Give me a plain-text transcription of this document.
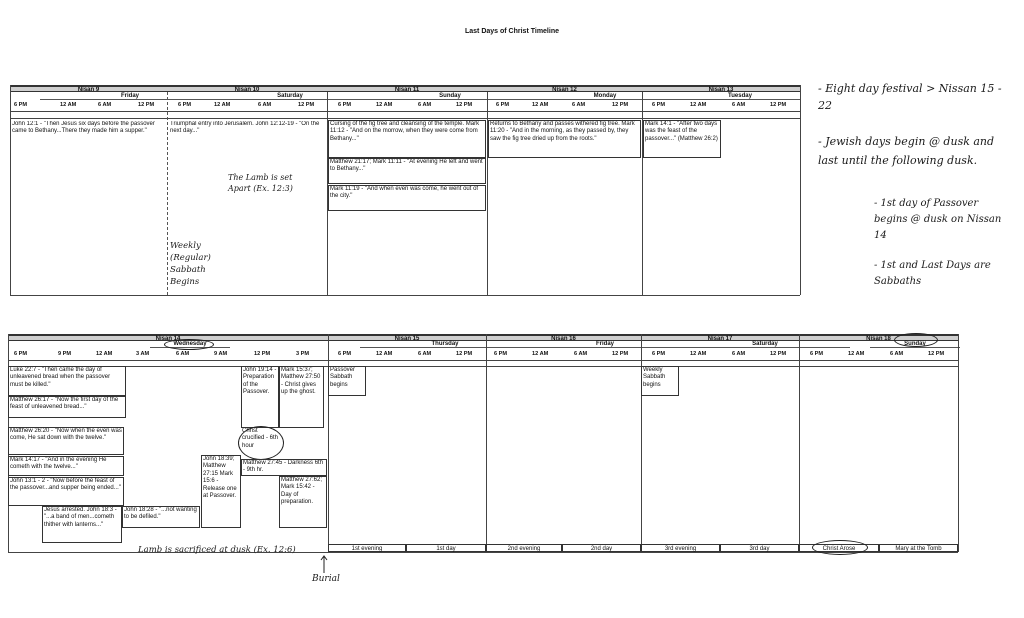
Last Days of Christ Timeline
Nisan 9	Nisan 10	Nisan 11	Nisan 12	Nisan 13
Friday	Saturday	Sunday	Monday	Tuesday
6 PM	12 AM	6 AM	12 PM	6 PM	12 AM	6 AM	12 PM	6 PM	12 AM	6 AM	12 PM	6 PM	12 AM	6 AM	12 PM	6 PM	12 AM	6 AM	12 PM
John 12:1 - "Then Jesus six days before the passover came to Bethany...There they made him a supper."
Triumphal entry into Jerusalem. John 12:12-19 - "On the next day..."
Cursing of the fig tree and cleansing of the temple. Mark 11:12 - "And on the morrow, when they were come from Bethany..."
Matthew 21:17; Mark 11:11 - "At evening He left and went to Bethany..."
Mark 11:19 - "And when even was come, he went out of the city."
Returns to Bethany and passes withered fig tree. Mark 11:20 - "And in the morning, as they passed by, they saw the fig tree dried up from the roots."
Mark 14:1 - "After two days was the feast of the passover..." (Matthew 26:2)
The Lamb is set Apart (Ex. 12:3)
Weekly (Regular) Sabbath Begins
Nisan 14	Nisan 15	Nisan 16	Nisan 17	Nisan 18
Wednesday	Thursday	Friday	Saturday	Sunday
6 PM	9 PM	12 AM	3 AM	6 AM	9 AM	12 PM	3 PM	6 PM	12 AM	6 AM	12 PM	6 PM	12 AM	6 AM	12 PM	6 PM	12 AM	6 AM	12 PM	6 PM	12 AM	6 AM	12 PM
Luke 22:7 - "Then came the day of unleavened bread when the passover must be killed."
Matthew 26:17 - "Now the first day of the feast of unleavened bread..."
Matthew 26:20 - "Now when the even was come, He sat down with the twelve."
Mark 14:17 - "And in the evening He cometh with the twelve..."
John 13:1 - 2 - "Now before the feast of the passover...and supper being ended..."
Jesus arrested. John 18:3 - "...a band of men...cometh thither with lanterns..."
John 18:28 - "...not wanting to be defiled."
John 18:39; Matthew 27:15 Mark 15:6 - Release one at Passover.
John 19:14 - Preparation of the Passover.
Mark 15:37; Matthew 27:50 - Christ gives up the ghost.
Christ crucified - 6th hour
Matthew 27:45 - Darkness 6th - 9th hr.
Matthew 27:62; Mark 15:42 - Day of preparation.
Passover Sabbath begins
Weekly Sabbath begins
1st evening	1st day	2nd evening	2nd day	3rd evening	3rd day	Christ Arose	Mary at the Tomb
Lamb is sacrificed at dusk (Ex. 12:6)
Burial
- Eight day festival > Nissan 15 - 22
- Jewish days begin @ dusk and last until the following dusk.
- 1st day of Passover begins @ dusk on Nissan 14
- 1st and Last Days are Sabbaths
